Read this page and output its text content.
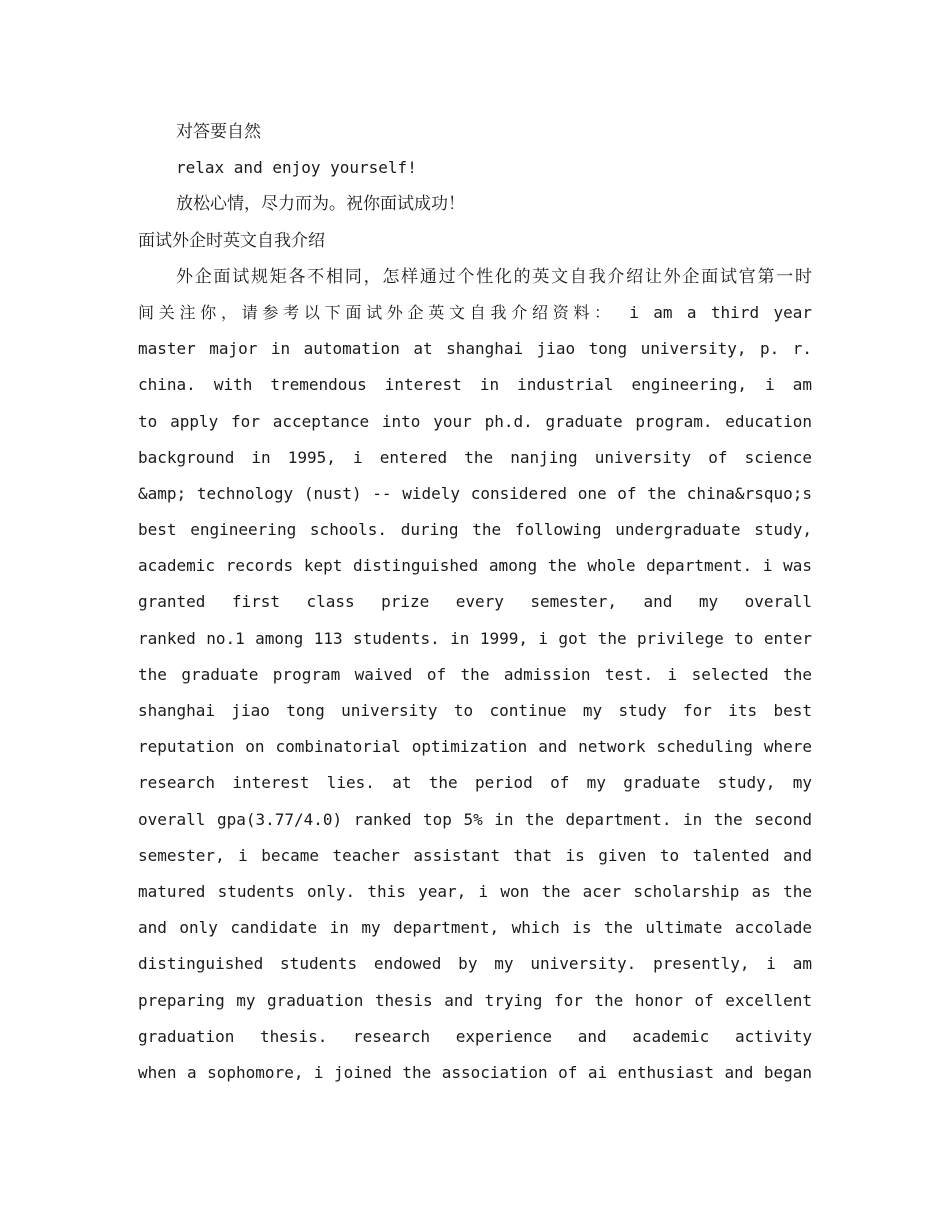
对答要自然
relax and enjoy yourself!
放松心情，尽力而为。祝你面试成功！
面试外企时英文自我介绍
外企面试规矩各不相同，怎样通过个性化的英文自我介绍让外企面试官第一时
间关注你，请参考以下面试外企英文自我介绍资料： i am a third year
master major in automation at shanghai jiao tong university, p. r.
china. with tremendous interest in industrial engineering, i am
to apply for acceptance into your ph.d. graduate program. education
background in 1995, i entered the nanjing university of science
&amp; technology (nust) -- widely considered one of the china&rsquo;s
best engineering schools. during the following undergraduate study,
academic records kept distinguished among the whole department. i was
granted first class prize every semester, and my overall
ranked no.1 among 113 students. in 1999, i got the privilege to enter
the graduate program waived of the admission test. i selected the
shanghai jiao tong university to continue my study for its best
reputation on combinatorial optimization and network scheduling where
research interest lies. at the period of my graduate study, my
overall gpa(3.77/4.0) ranked top 5% in the department. in the second
semester, i became teacher assistant that is given to talented and
matured students only. this year, i won the acer scholarship as the
and only candidate in my department, which is the ultimate accolade
distinguished students endowed by my university. presently, i am
preparing my graduation thesis and trying for the honor of excellent
graduation thesis. research experience and academic activity
when a sophomore, i joined the association of ai enthusiast and began
